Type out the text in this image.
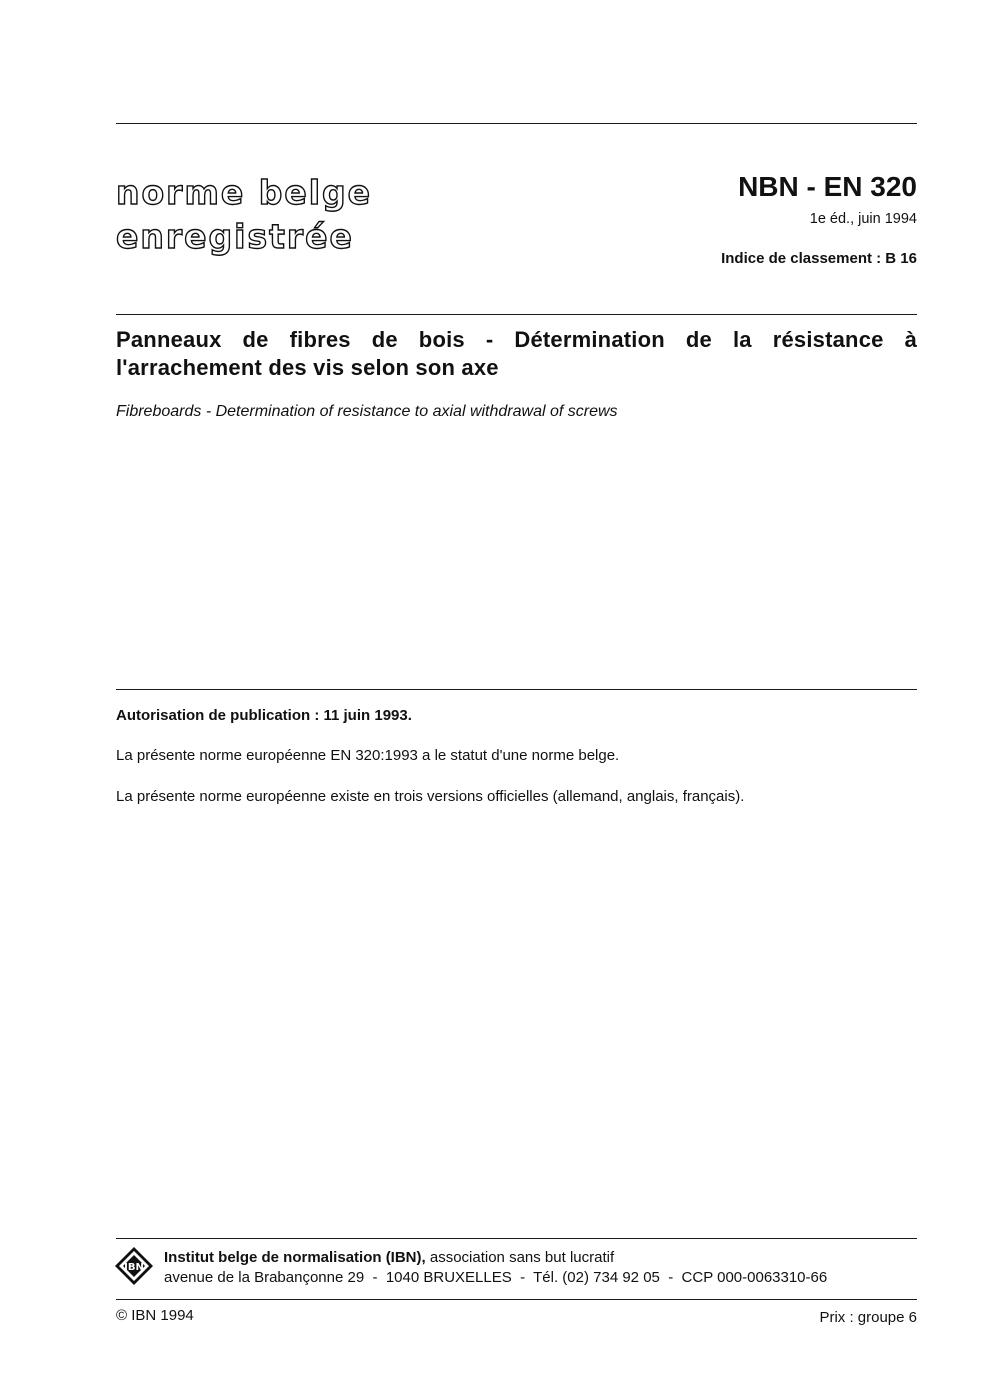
norme belge
enregistrée
NBN - EN 320
1e éd., juin 1994
Indice de classement : B 16
Panneaux de fibres de bois - Détermination de la résistance à l'arrachement des vis selon son axe
Fibreboards - Determination of resistance to axial withdrawal of screws
Autorisation de publication : 11 juin 1993.
La présente norme européenne EN 320:1993 a le statut d'une norme belge.
La présente norme européenne existe en trois versions officielles (allemand, anglais, français).
IBN
Institut belge de normalisation (IBN), association sans but lucratif
avenue de la Brabançonne 29  -  1040 BRUXELLES  -  Tél. (02) 734 92 05  -  CCP 000-0063310-66
© IBN 1994	Prix : groupe 6
